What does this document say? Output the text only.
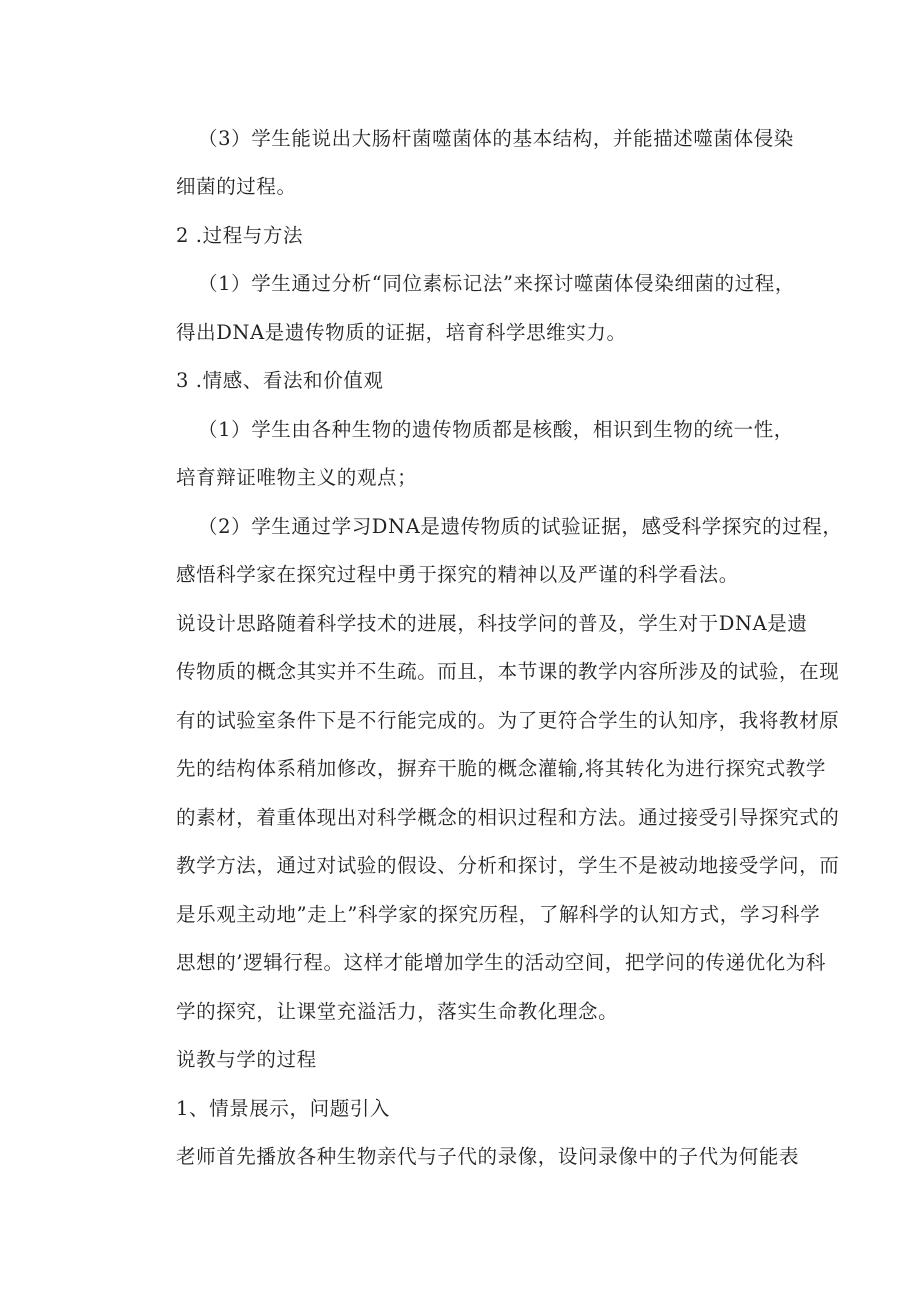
（3）学生能说出大肠杆菌噬菌体的基本结构，并能描述噬菌体侵染
细菌的过程。
2 .过程与方法
（1）学生通过分析“同位素标记法”来探讨噬菌体侵染细菌的过程，
得出DNA是遗传物质的证据，培育科学思维实力。
3 .情感、看法和价值观
（1）学生由各种生物的遗传物质都是核酸，相识到生物的统一性，
培育辩证唯物主义的观点；
（2）学生通过学习DNA是遗传物质的试验证据，感受科学探究的过程，
感悟科学家在探究过程中勇于探究的精神以及严谨的科学看法。
说设计思路随着科学技术的进展，科技学问的普及，学生对于DNA是遗
传物质的概念其实并不生疏。而且，本节课的教学内容所涉及的试验，在现
有的试验室条件下是不行能完成的。为了更符合学生的认知序，我将教材原
先的结构体系稍加修改，摒弃干脆的概念灌输,将其转化为进行探究式教学
的素材，着重体现出对科学概念的相识过程和方法。通过接受引导探究式的
教学方法，通过对试验的假设、分析和探讨，学生不是被动地接受学问，而
是乐观主动地”走上”科学家的探究历程，了解科学的认知方式，学习科学
思想的’逻辑行程。这样才能增加学生的活动空间，把学问的传递优化为科
学的探究，让课堂充溢活力，落实生命教化理念。
说教与学的过程
1、情景展示，问题引入
老师首先播放各种生物亲代与子代的录像，设问录像中的子代为何能表
